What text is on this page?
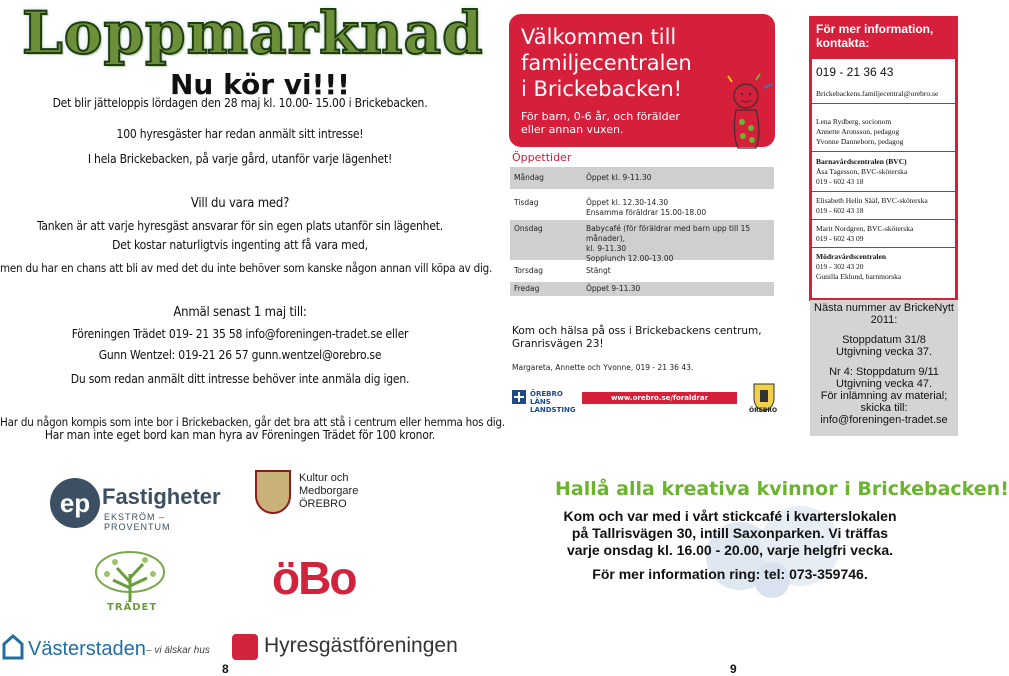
Loppmarknad
Nu kör vi!!!
Det blir jätteloppis lördagen den 28 maj kl. 10.00- 15.00 i Brickebacken.
100 hyresgäster har redan anmält sitt intresse!
I hela Brickebacken, på varje gård, utanför varje lägenhet!
Vill du vara med?
Tanken är att varje hyresgäst ansvarar för sin egen plats utanför sin lägenhet.
Det kostar naturligtvis ingenting att få vara med,
men du har en chans att bli av med det du inte behöver som kanske någon annan vill köpa av dig.
Anmäl senast 1 maj till:
Föreningen Trädet 019- 21 35 58 info@foreningen-tradet.se eller
Gunn Wentzel: 019-21 26 57 gunn.wentzel@orebro.se
Du som redan anmält ditt intresse behöver inte anmäla dig igen.
Har du någon kompis som inte bor i Brickebacken, går det bra att stå i centrum eller hemma hos dig.
Har man inte eget bord kan man hyra av Föreningen Trädet för 100 kronor.
ep Fastigheter
EKSTRÖM – PROVENTUM
Kultur och
Medborgare
ÖREBRO
TRÄDET
öBo
Västerstaden – vi älskar hus	Hyresgästföreningen
8
Välkommen till
familjecentralen
i Brickebacken!
För barn, 0-6 år, och förälder
eller annan vuxen.
Öppettider
Måndag	Öppet kl. 9-11.30
Tisdag	Öppet kl. 12.30-14.30
Ensamma föräldrar 15.00-18.00
Onsdag	Babycafé (för föräldrar med barn upp till 15 månader),
kl. 9-11.30
Sopplunch 12.00-13.00
Torsdag	Stängt
Fredag	Öppet 9-11.30
Kom och hälsa på oss i Brickebackens centrum,
Granrisvägen 23!
Margareta, Annette och Yvonne, 019 - 21 36 43.
ÖREBRO LÄNS
LANDSTING
www.orebro.se/foraldrar
ÖREBRO
För mer information,
kontakta:
019 - 21 36 43
Brickebackens.familjecentral@orebro.se
Lena Rydberg, socionom
Annette Aronsson, pedagog
Yvonne Danneborn, pedagog
Barnavårdscentralen (BVC)
Åsa Tagesson, BVC-sköterska
019 - 602 43 18
Elisabeth Helin Sääf, BVC-sköterska
019 - 602 43 18
Marit Nordgren, BVC-sköterska
019 - 602 43 09
Mödravårdscentralen
019 - 302 43 20
Gunilla Eklund, barnmorska
Nästa nummer av BrickeNytt
2011:
Stoppdatum 31/8
Utgivning vecka 37.
Nr 4: Stoppdatum 9/11
Utgivning vecka 47.
För inlämning av material;
skicka till:
info@foreningen-tradet.se
Hallå alla kreativa kvinnor i Brickebacken!
Kom och var med i vårt stickcafé i kvarterslokalen
på Tallrisvägen 30, intill Saxonparken. Vi träffas
varje onsdag kl. 16.00 - 20.00, varje helgfri vecka.
För mer information ring: tel: 073-359746.
9
